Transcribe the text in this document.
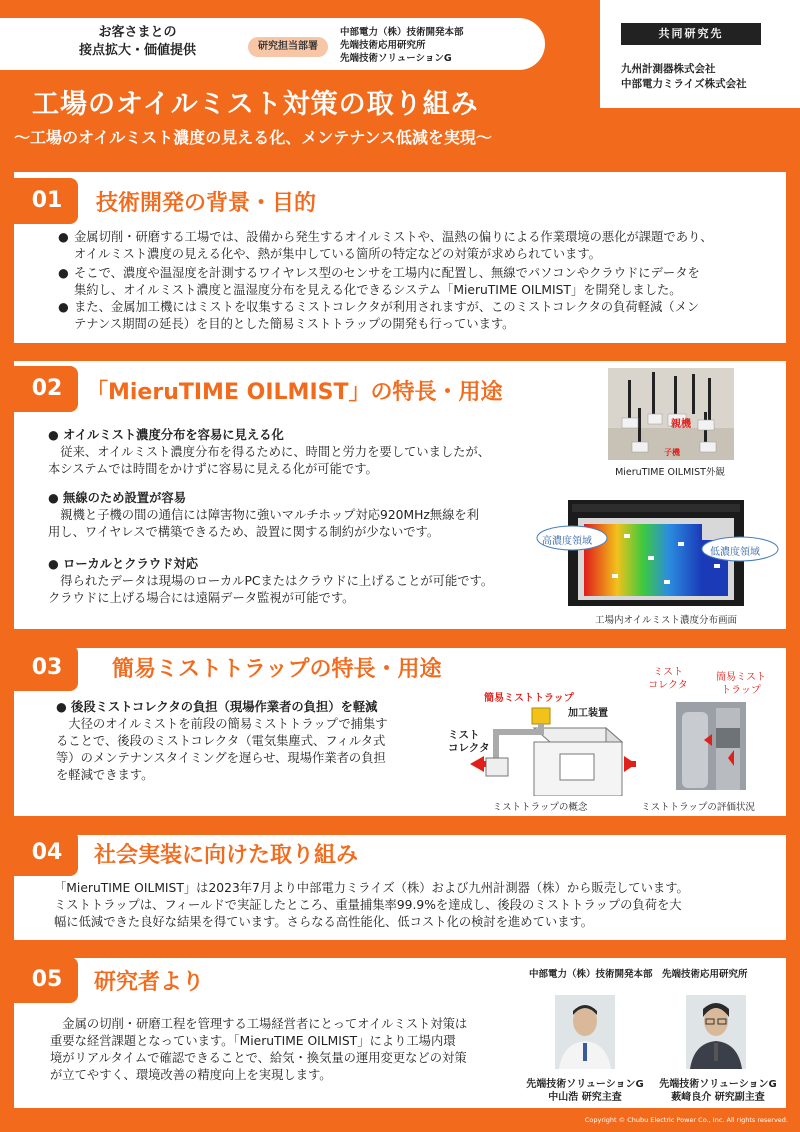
お客さまとの
接点拡大・価値提供	研究担当部署
中部電力（株）技術開発本部
先端技術応用研究所
先端技術ソリューションG
共同研究先
九州計測器株式会社
中部電力ミライズ株式会社
工場のオイルミスト対策の取り組み
～工場のオイルミスト濃度の見える化、メンテナンス低減を実現～
01	技術開発の背景・目的
● 金属切削・研磨する工場では、設備から発生するオイルミストや、温熱の偏りによる作業環境の悪化が課題であり、
オイルミスト濃度の見える化や、熱が集中している箇所の特定などの対策が求められています。
● そこで、濃度や温湿度を計測するワイヤレス型のセンサを工場内に配置し、無線でパソコンやクラウドにデータを
集約し、オイルミスト濃度と温湿度分布を見える化できるシステム「MieruTIME OILMIST」を開発しました。
● また、金属加工機にはミストを収集するミストコレクタが利用されますが、このミストコレクタの負荷軽減（メン
テナンス期間の延長）を目的とした簡易ミストトラップの開発も行っています。
02	「MieruTIME OILMIST」の特長・用途
● オイルミスト濃度分布を容易に見える化
　従来、オイルミスト濃度分布を得るために、時間と労力を要していましたが、
本システムでは時間をかけずに容易に見える化が可能です。
● 無線のため設置が容易
　親機と子機の間の通信には障害物に強いマルチホップ対応920MHz無線を利
用し、ワイヤレスで構築できるため、設置に関する制約が少ないです。
● ローカルとクラウド対応
　得られたデータは現場のローカルPCまたはクラウドに上げることが可能です。
クラウドに上げる場合には遠隔データ監視が可能です。
親機
子機
MieruTIME OILMIST外観
高濃度領域
低濃度領域
工場内オイルミスト濃度分布画面
03	簡易ミストトラップの特長・用途
● 後段ミストコレクタの負担（現場作業者の負担）を軽減
　大径のオイルミストを前段の簡易ミストトラップで捕集す
ることで、後段のミストコレクタ（電気集塵式、フィルタ式
等）のメンテナンスタイミングを遅らせ、現場作業者の負担
を軽減できます。
簡易ミストトラップ
加工装置
ミスト
コレクタ
ミストトラップの概念
ミスト
コレクタ
簡易ミスト
トラップ
ミストトラップの評価状況
04	社会実装に向けた取り組み
「MieruTIME OILMIST」は2023年7月より中部電力ミライズ（株）および九州計測器（株）から販売しています。
ミストトラップは、フィールドで実証したところ、重量捕集率99.9%を達成し、後段のミストトラップの負荷を大
幅に低減できた良好な結果を得ています。さらなる高性能化、低コスト化の検討を進めています。
05	研究者より	中部電力（株）技術開発本部　先端技術応用研究所
　金属の切削・研磨工程を管理する工場経営者にとってオイルミスト対策は
重要な経営課題となっています。「MieruTIME OILMIST」により工場内環
境がリアルタイムで確認できることで、給気・換気量の運用変更などの対策
が立てやすく、環境改善の精度向上を実現します。
先端技術ソリューションG
中山浩 研究主査
先端技術ソリューションG
薮﨑良介 研究副主査
Copyright © Chubu Electric Power Co., Inc. All rights reserved.
